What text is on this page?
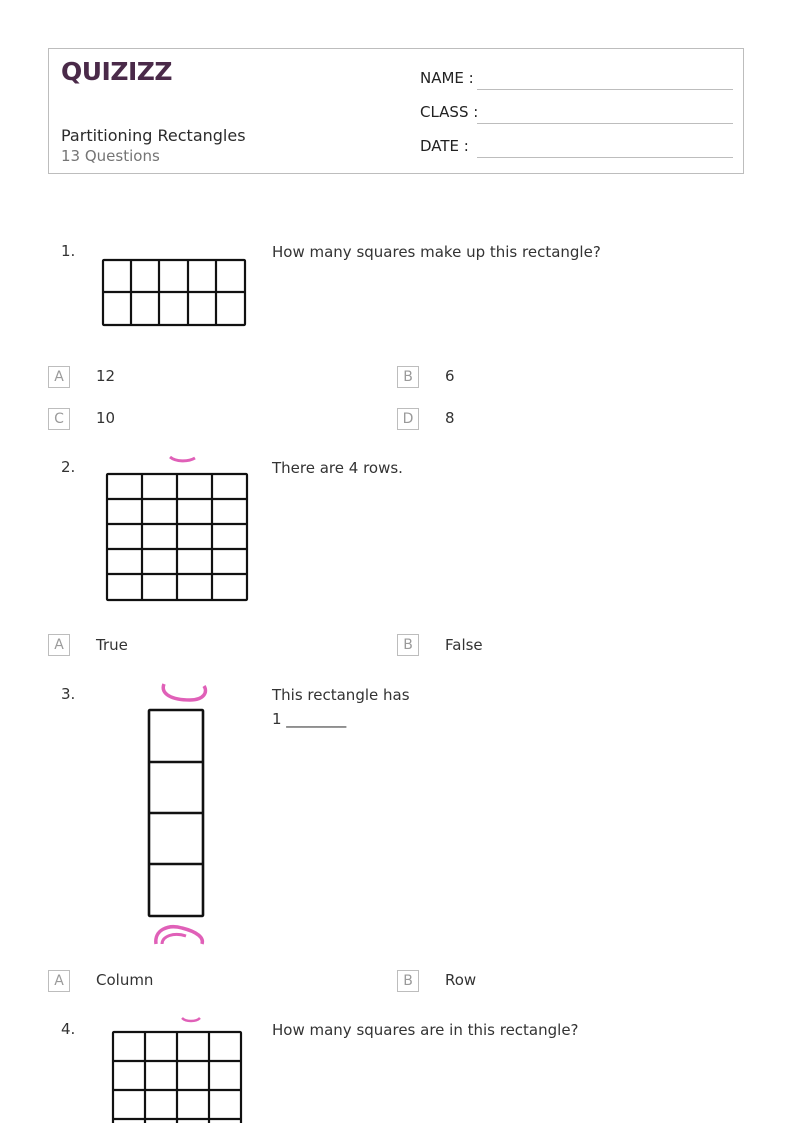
QUIZIZZ
Partitioning Rectangles
13 Questions
NAME :
CLASS :
DATE :
1.	How many squares make up this rectangle?
A	12	B	6
C	10	D	8
2.	There are 4 rows.
A	True	B	False
3.	This rectangle has
1 ________
A	Column	B	Row
4.	How many squares are in this rectangle?
